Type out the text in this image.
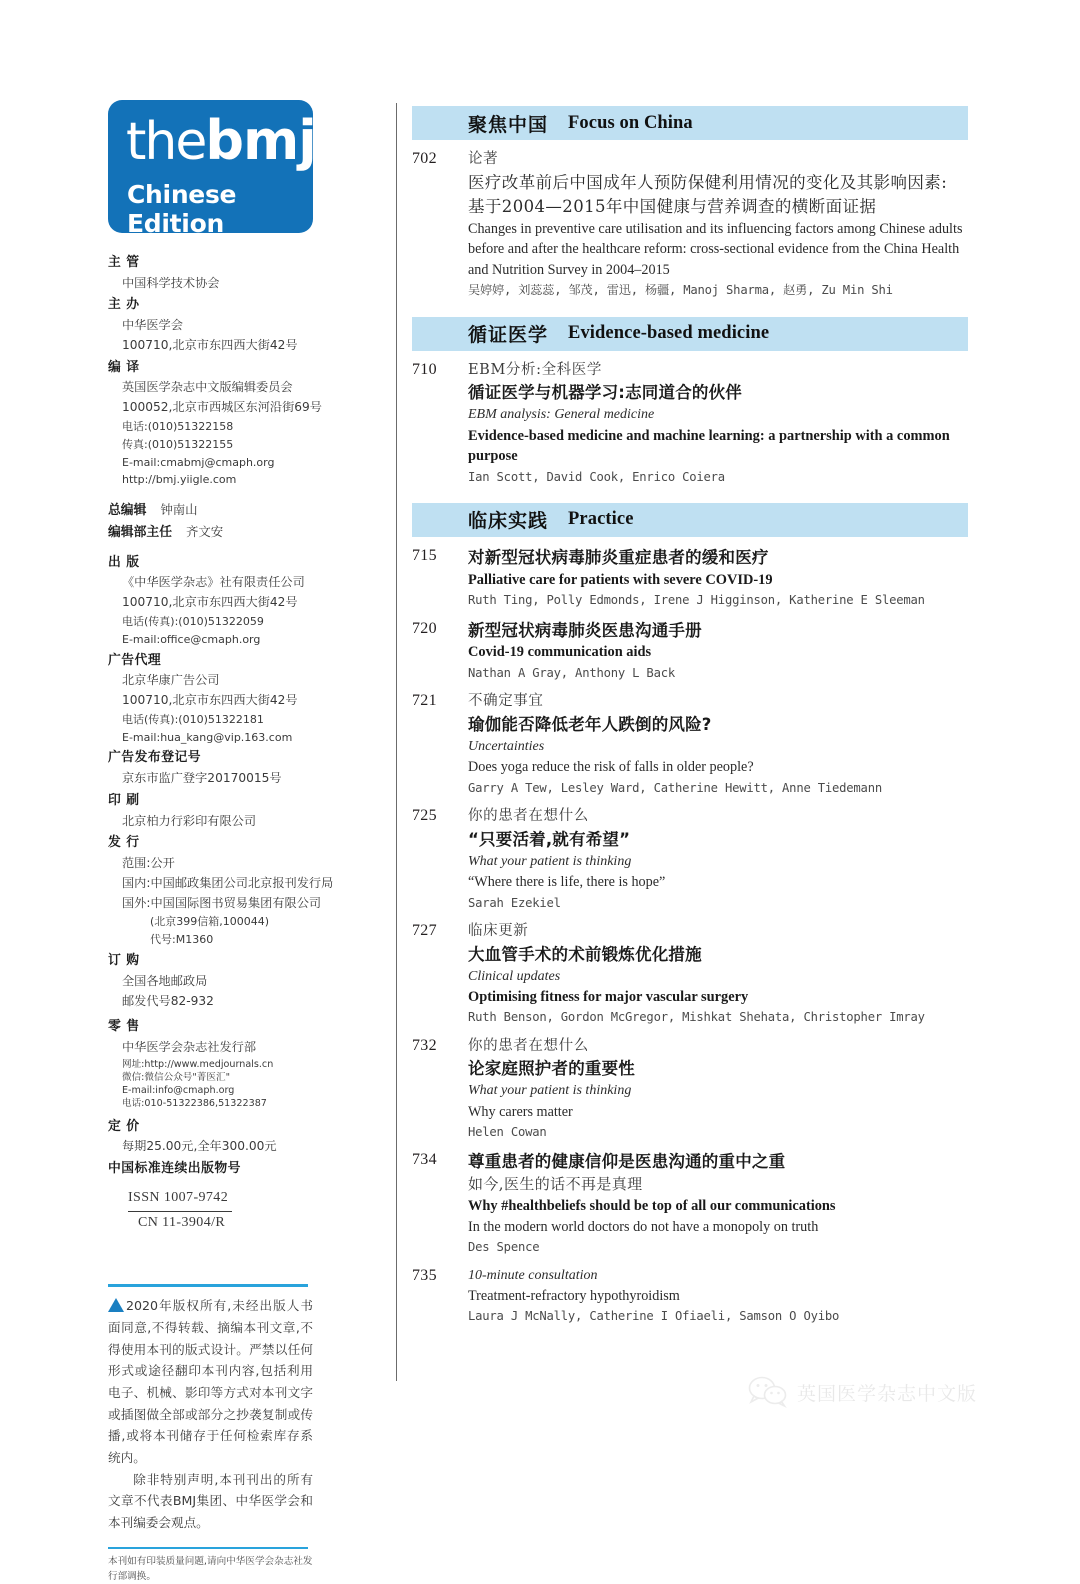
thebmj
Chinese Edition
主 管
中国科学技术协会
主 办
中华医学会
100710,北京市东四西大街42号
编 译
英国医学杂志中文版编辑委员会
100052,北京市西城区东河沿街69号
电话:(010)51322158
传真:(010)51322155
E-mail:cmabmj@cmaph.org
http://bmj.yiigle.com
总编辑 钟南山
编辑部主任 齐文安
出 版
《中华医学杂志》社有限责任公司
100710,北京市东四西大街42号
电话(传真):(010)51322059
E-mail:office@cmaph.org
广告代理
北京华康广告公司
100710,北京市东四西大街42号
电话(传真):(010)51322181
E-mail:hua_kang@vip.163.com
广告发布登记号
京东市监广登字20170015号
印 刷
北京柏力行彩印有限公司
发 行
范围:公开
国内:中国邮政集团公司北京报刊发行局
国外:中国国际图书贸易集团有限公司
(北京399信箱,100044)
代号:M1360
订 购
全国各地邮政局
邮发代号82-932
零 售
中华医学会杂志社发行部
网址:http://www.medjournals.cn
微信:微信公众号"菁医汇"
E-mail:info@cmaph.org
电话:010-51322386,51322387
定 价
每期25.00元,全年300.00元
中国标准连续出版物号
ISSN 1007-9742
CN 11-3904/R

2020年版权所有,未经出版人书面同意,不得转载、摘编本刊文章,不得使用本刊的版式设计。严禁以任何形式或途径翻印本刊内容,包括利用电子、机械、影印等方式对本刊文字或插图做全部或部分之抄袭复制或传播,或将本刊储存于任何检索库存系统内。

除非特别声明,本刊刊出的所有文章不代表BMJ集团、中华医学会和本刊编委会观点。

本刊如有印装质量问题,请向中华医学会杂志社发行部调换。
聚焦中国 Focus on China
702	论著
医疗改革前后中国成年人预防保健利用情况的变化及其影响因素:
基于2004—2015年中国健康与营养调查的横断面证据
Changes in preventive care utilisation and its influencing factors among Chinese adults
before and after the healthcare reform: cross-sectional evidence from the China Health
and Nutrition Survey in 2004–2015
吴婷婷, 刘蕊蕊, 邹茂, 雷迅, 杨疆, Manoj Sharma, 赵勇, Zu Min Shi
循证医学 Evidence-based medicine
710	EBM分析:全科医学
循证医学与机器学习:志同道合的伙伴
EBM analysis: General medicine
Evidence-based medicine and machine learning: a partnership with a common
purpose
Ian Scott, David Cook, Enrico Coiera
临床实践 Practice
715	对新型冠状病毒肺炎重症患者的缓和医疗
Palliative care for patients with severe COVID-19
Ruth Ting, Polly Edmonds, Irene J Higginson, Katherine E Sleeman
720	新型冠状病毒肺炎医患沟通手册
Covid-19 communication aids
Nathan A Gray, Anthony L Back
721	不确定事宜
瑜伽能否降低老年人跌倒的风险?
Uncertainties
Does yoga reduce the risk of falls in older people?
Garry A Tew, Lesley Ward, Catherine Hewitt, Anne Tiedemann
725	你的患者在想什么
“只要活着,就有希望”
What your patient is thinking
“Where there is life, there is hope”
Sarah Ezekiel
727	临床更新
大血管手术的术前锻炼优化措施
Clinical updates
Optimising fitness for major vascular surgery
Ruth Benson, Gordon McGregor, Mishkat Shehata, Christopher Imray
732	你的患者在想什么
论家庭照护者的重要性
What your patient is thinking
Why carers matter
Helen Cowan
734	尊重患者的健康信仰是医患沟通的重中之重
如今,医生的话不再是真理
Why #healthbeliefs should be top of all our communications
In the modern world doctors do not have a monopoly on truth
Des Spence
735	10-minute consultation
Treatment-refractory hypothyroidism
Laura J McNally, Catherine I Ofiaeli, Samson O Oyibo
英国医学杂志中文版
